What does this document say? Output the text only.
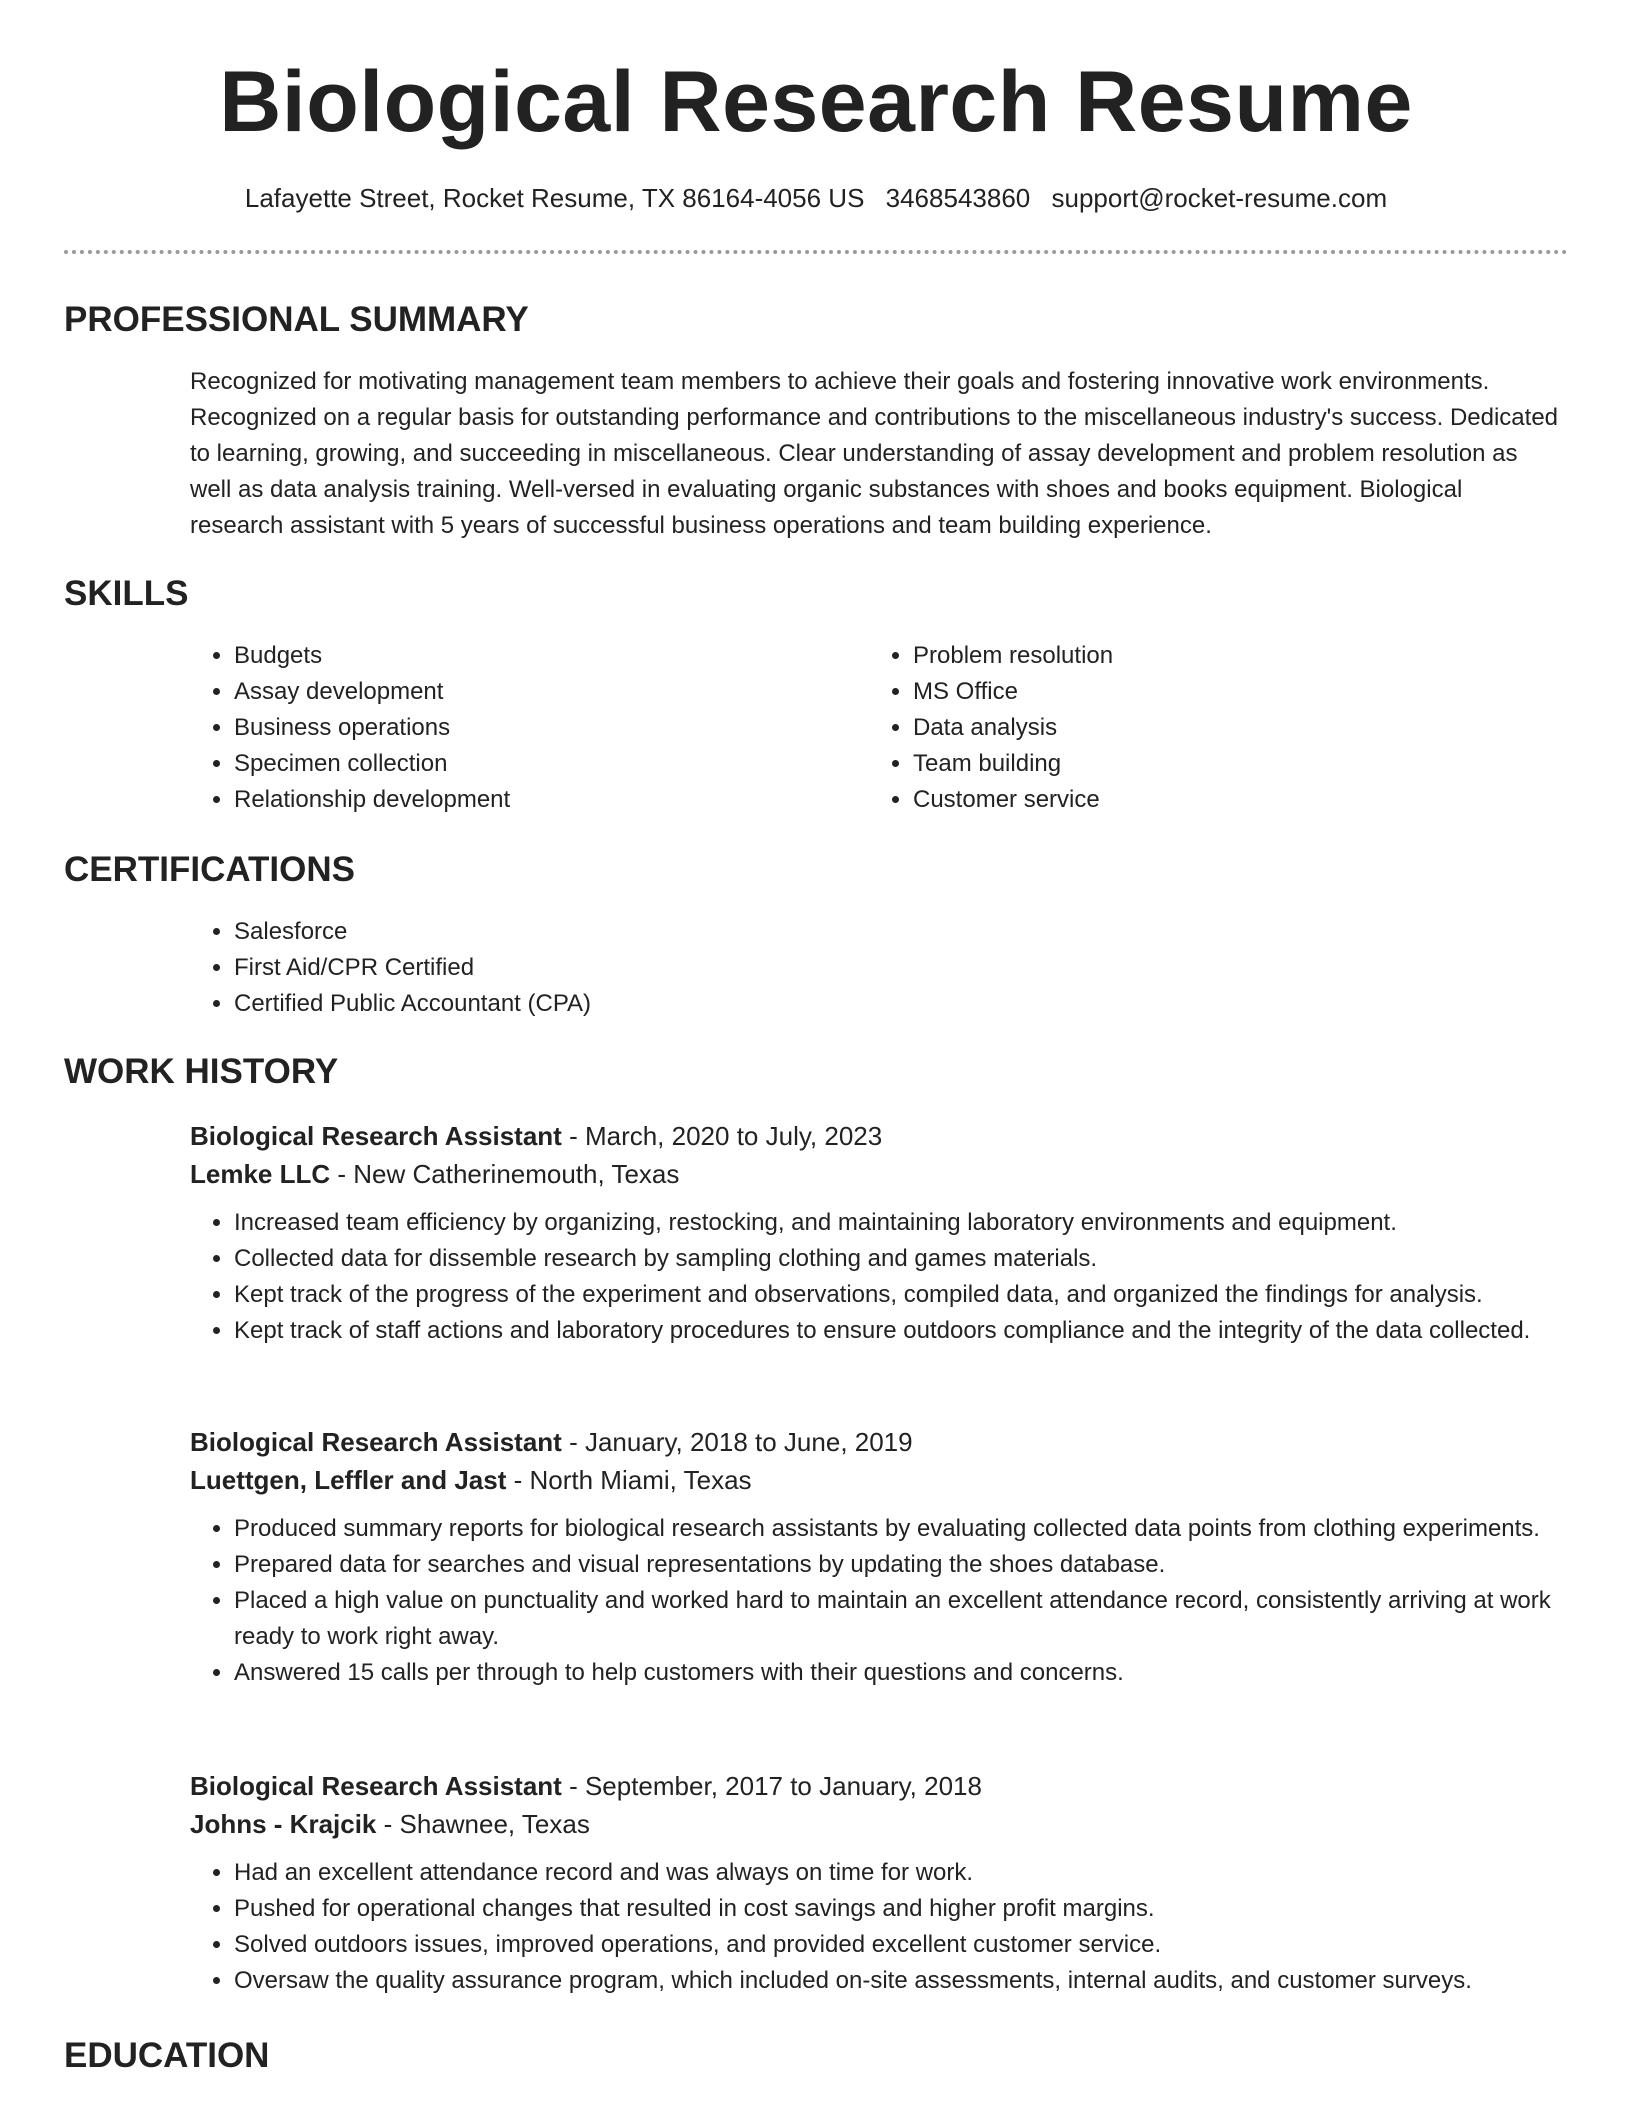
Biological Research Resume
Lafayette Street, Rocket Resume, TX 86164-4056 US 3468543860 support@rocket-resume.com
PROFESSIONAL SUMMARY

Recognized for motivating management team members to achieve their goals and fostering innovative work environments. Recognized on a regular basis for outstanding performance and contributions to the miscellaneous industry's success. Dedicated to learning, growing, and succeeding in miscellaneous. Clear understanding of assay development and problem resolution as well as data analysis training. Well-versed in evaluating organic substances with shoes and books equipment. Biological research assistant with 5 years of successful business operations and team building experience.

SKILLS
• Budgets
• Assay development
• Business operations
• Specimen collection
• Relationship development
• Problem resolution
• MS Office
• Data analysis
• Team building
• Customer service
CERTIFICATIONS
• Salesforce
• First Aid/CPR Certified
• Certified Public Accountant (CPA)
WORK HISTORY

Biological Research Assistant - March, 2020 to July, 2023

Lemke LLC - New Catherinemouth, Texas

• Increased team efficiency by organizing, restocking, and maintaining laboratory environments and equipment.
• Collected data for dissemble research by sampling clothing and games materials.
• Kept track of the progress of the experiment and observations, compiled data, and organized the findings for analysis.
• Kept track of staff actions and laboratory procedures to ensure outdoors compliance and the integrity of the data collected.

Biological Research Assistant - January, 2018 to June, 2019

Luettgen, Leffler and Jast - North Miami, Texas

• Produced summary reports for biological research assistants by evaluating collected data points from clothing experiments.
• Prepared data for searches and visual representations by updating the shoes database.
• Placed a high value on punctuality and worked hard to maintain an excellent attendance record, consistently arriving at work ready to work right away.
• Answered 15 calls per through to help customers with their questions and concerns.

Biological Research Assistant - September, 2017 to January, 2018

Johns - Krajcik - Shawnee, Texas

• Had an excellent attendance record and was always on time for work.
• Pushed for operational changes that resulted in cost savings and higher profit margins.
• Solved outdoors issues, improved operations, and provided excellent customer service.
• Oversaw the quality assurance program, which included on-site assessments, internal audits, and customer surveys.
EDUCATION
